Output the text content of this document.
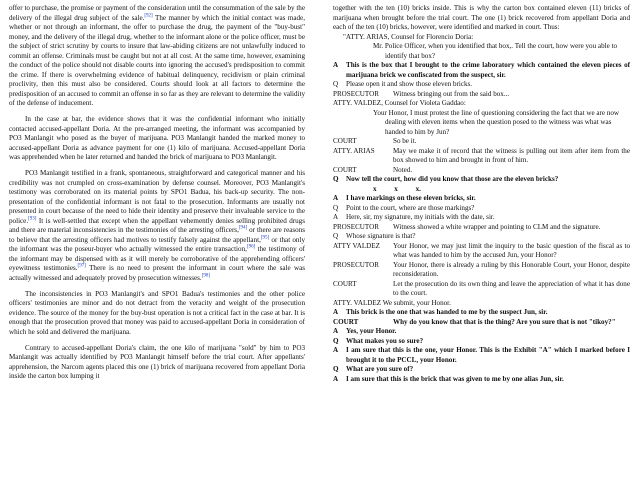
offer to purchase, the promise or payment of the consideration until the consummation of the sale by the delivery of the illegal drug subject of the sale.[92] The manner by which the initial contact was made, whether or not through an informant, the offer to purchase the drug, the payment of the "buy-bust" money, and the delivery of the illegal drug, whether to the informant alone or the police officer, must be the subject of strict scrutiny by courts to insure that law-abiding citizens are not unlawfully induced to commit an offense. Criminals must be caught but not at all cost. At the same time, however, examining the conduct of the police should not disable courts into ignoring the accused's predisposition to commit the crime. If there is overwhelming evidence of habitual delinquency, recidivism or plain criminal proclivity, then this must also be considered. Courts should look at all factors to determine the predisposition of an accused to commit an offense in so far as they are relevant to determine the validity of the defense of inducement.

In the case at bar, the evidence shows that it was the confidential informant who initially contacted accused-appellant Doria. At the pre-arranged meeting, the informant was accompanied by PO3 Manlangit who posed as the buyer of marijuana. PO3 Manlangit handed the marked money to accused-appellant Doria as advance payment for one (1) kilo of marijuana. Accused-appellant Doria was apprehended when he later returned and handed the brick of marijuana to PO3 Manlangit.

PO3 Manlangit testified in a frank, spontaneous, straightforward and categorical manner and his credibility was not crumpled on cross-examination by defense counsel. Moreover, PO3 Manlangit's testimony was corroborated on its material points by SPO1 Badua, his back-up security. The non-presentation of the confidential informant is not fatal to the prosecution. Informants are usually not presented in court because of the need to hide their identity and preserve their invaluable service to the police.[93] It is well-settled that except when the appellant vehemently denies selling prohibited drugs and there are material inconsistencies in the testimonies of the arresting officers,[94] or there are reasons to believe that the arresting officers had motives to testify falsely against the appellant,[95] or that only the informant was the poseur-buyer who actually witnessed the entire transaction,[96] the testimony of the informant may be dispensed with as it will merely be corroborative of the apprehending officers' eyewitness testimonies.[97] There is no need to present the informant in court where the sale was actually witnessed and adequately proved by prosecution witnesses.[98]

The inconsistencies in PO3 Manlangit's and SPO1 Badua's testimonies and the other police officers' testimonies are minor and do not detract from the veracity and weight of the prosecution evidence. The source of the money for the buy-bust operation is not a critical fact in the case at bar. It is enough that the prosecution proved that money was paid to accused-appellant Doria in consideration of which he sold and delivered the marijuana.

Contrary to accused-appellant Doria's claim, the one kilo of marijuana "sold" by him to PO3 Manlangit was actually identified by PO3 Manlangit himself before the trial court. After appellants' apprehension, the Narcom agents placed this one (1) brick of marijuana recovered from appellant Doria inside the carton box lumping it

together with the ten (10) bricks inside. This is why the carton box contained eleven (11) bricks of marijuana when brought before the trial court. The one (1) brick recovered from appellant Doria and each of the ten (10) bricks, however, were identified and marked in court. Thus:

"ATTY. ARIAS, Counsel for Florencio Doria:
Mr. Police Officer, when you identified that box,. Tell the court, how were you able to identify that box?
A	This is the box that I brought to the crime laboratory which contained the eleven pieces of marijuana brick we confiscated from the suspect, sir.
Q	Please open it and show those eleven bricks.
PROSECUTOR	Witness bringing out from the said box...
ATTY. VALDEZ, Counsel for Violeta Gaddao:
Your Honor, I must protest the line of questioning considering the fact that we are now dealing with eleven items when the question posed to the witness was what was handed to him by Jun?
COURT	So be it.
ATTY. ARIAS	May we make it of record that the witness is pulling out item after item from the box showed to him and brought in front of him.
COURT	Noted.
Q	Now tell the court, how did you know that those are the eleven bricks?
x          x          x.
A	I have markings on these eleven bricks, sir.
Q	Point to the court, where are those markings?
A	Here, sir, my signature, my initials with the date, sir.
PROSECUTOR	Witness showed a white wrapper and pointing to CLM and the signature.
Q	Whose signature is that?
ATTY VALDEZ	Your Honor, we may just limit the inquiry to the basic question of the fiscal as to what was handed to him by the accused Jun, your Honor?
PROSECUTOR	Your Honor, there is already a ruling by this Honorable Court, your Honor, despite reconsideration.
COURT	Let the prosecution do its own thing and leave the appreciation of what it has done to the court.
ATTY. VALDEZ We submit, your Honor.
A	This brick is the one that was handed to me by the suspect Jun, sir.
COURT	Why do you know that that is the thing? Are you sure that is not "tikoy?"
A	Yes, your Honor.
Q	What makes you so sure?
A	I am sure that this is the one, your Honor. This is the Exhibit "A" which I marked before I brought it to the PCCL, your Honor.
Q	What are you sure of?
A	I am sure that this is the brick that was given to me by one alias Jun, sir.
